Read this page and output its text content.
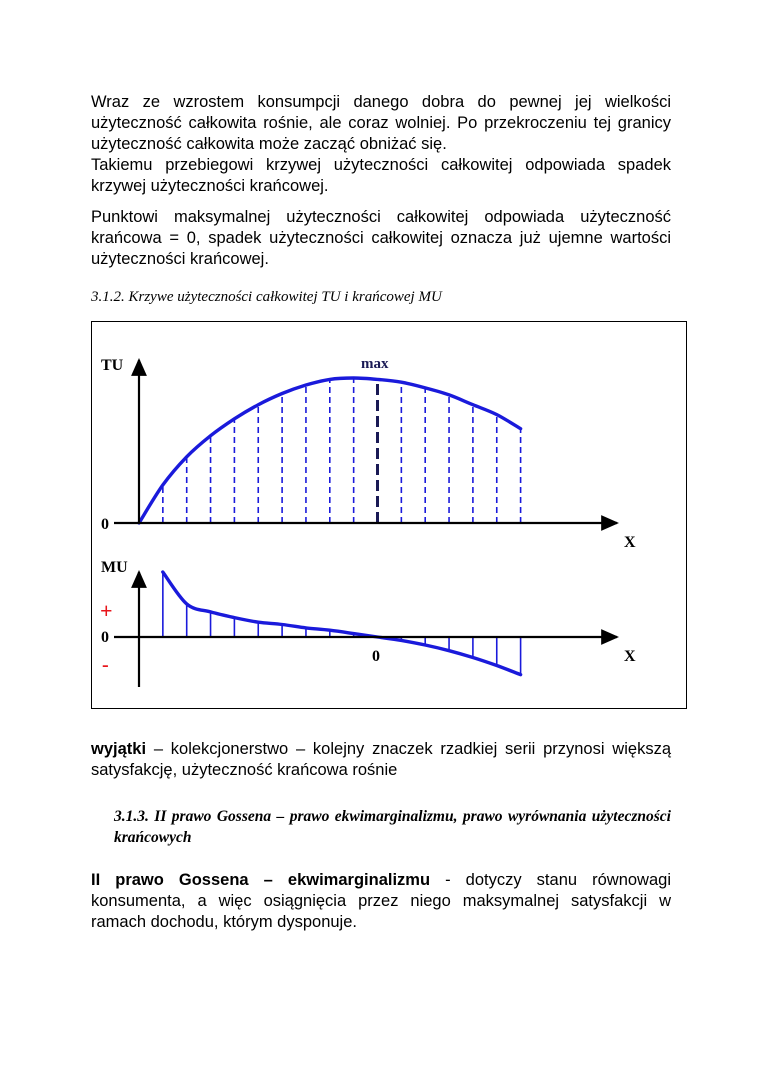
Wraz ze wzrostem konsumpcji danego dobra do pewnej jej wielkości użyteczność całkowita rośnie, ale coraz wolniej. Po przekroczeniu tej granicy użyteczność całkowita może zacząć obniżać się.

Takiemu przebiegowi krzywej użyteczności całkowitej odpowiada spadek krzywej użyteczności krańcowej.

Punktowi maksymalnej użyteczności całkowitej odpowiada użyteczność krańcowa = 0, spadek użyteczności całkowitej oznacza już ujemne wartości użyteczności krańcowej.

3.1.2. Krzywe użyteczności całkowitej TU i krańcowej MU

TU
0
X
max
MU
0
0	X
+
-

wyjątki – kolekcjonerstwo – kolejny znaczek rzadkiej serii przynosi większą satysfakcję, użyteczność krańcowa rośnie

3.1.3. II prawo Gossena – prawo ekwimarginalizmu, prawo wyrównania użyteczności krańcowych

II prawo Gossena – ekwimarginalizmu - dotyczy stanu równowagi konsumenta, a więc osiągnięcia przez niego maksymalnej satysfakcji w ramach dochodu, którym dysponuje.
